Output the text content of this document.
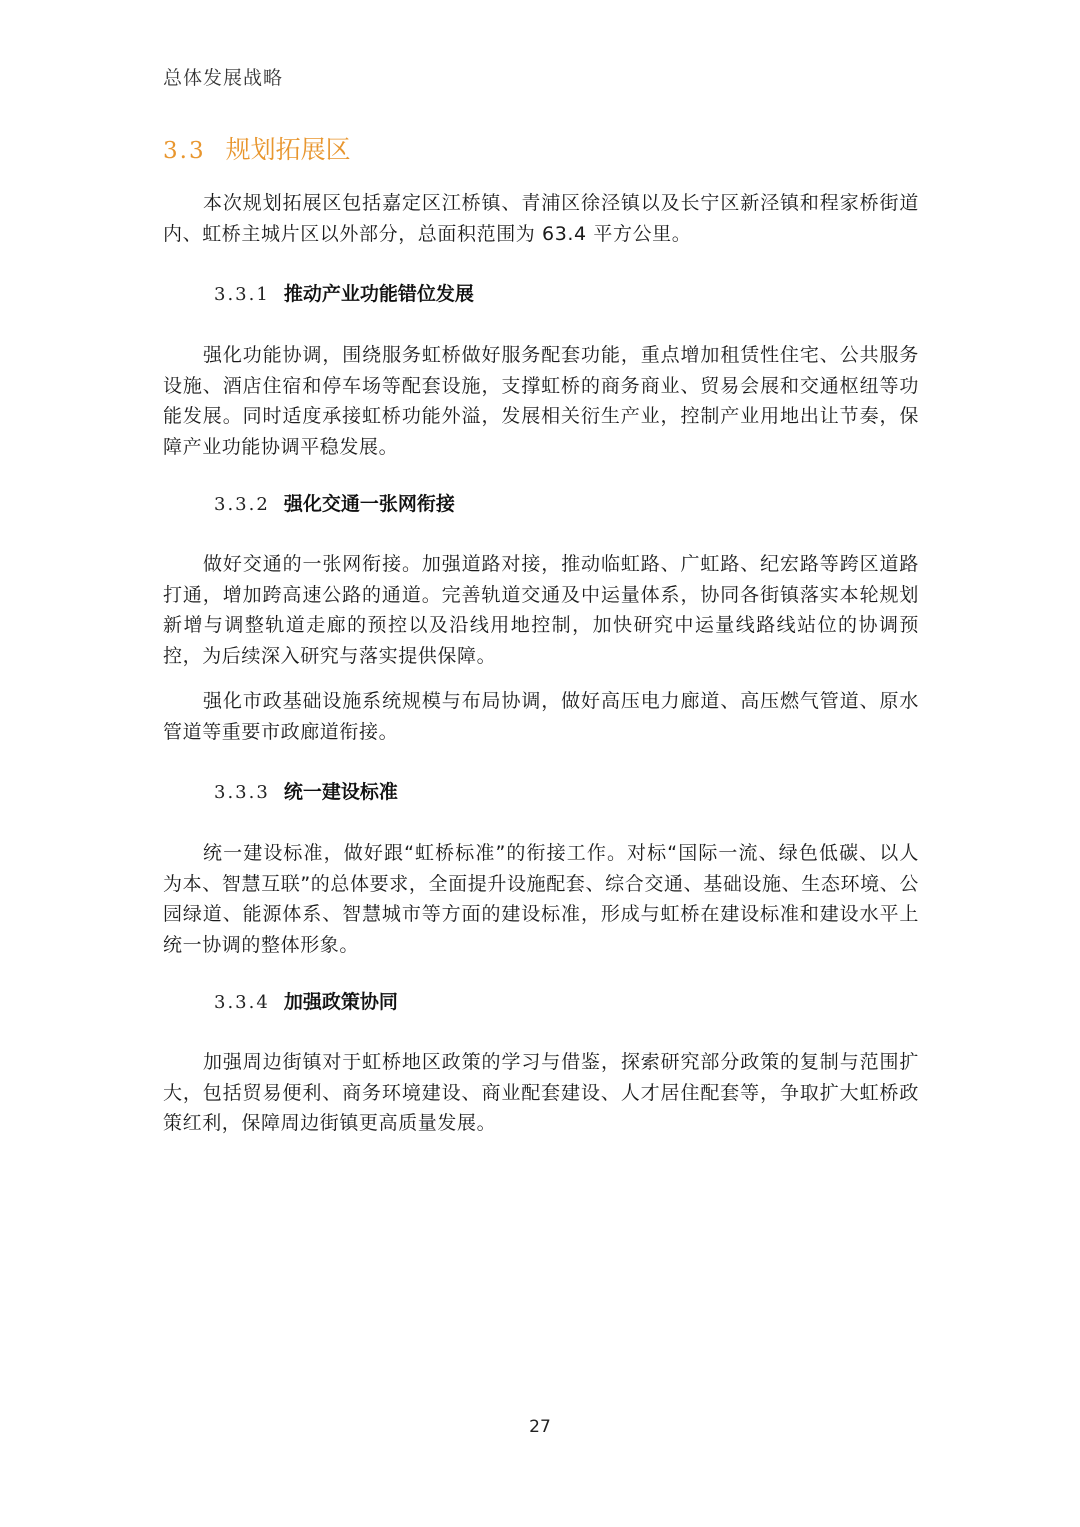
总体发展战略
3.3 规划拓展区

本次规划拓展区包括嘉定区江桥镇、青浦区徐泾镇以及长宁区新泾镇和程家桥街道内、虹桥主城片区以外部分，总面积范围为 63.4 平方公里。

3.3.1 推动产业功能错位发展

强化功能协调，围绕服务虹桥做好服务配套功能，重点增加租赁性住宅、公共服务设施、酒店住宿和停车场等配套设施，支撑虹桥的商务商业、贸易会展和交通枢纽等功能发展。同时适度承接虹桥功能外溢，发展相关衍生产业，控制产业用地出让节奏，保障产业功能协调平稳发展。

3.3.2 强化交通一张网衔接

做好交通的一张网衔接。加强道路对接，推动临虹路、广虹路、纪宏路等跨区道路打通，增加跨高速公路的通道。完善轨道交通及中运量体系，协同各街镇落实本轮规划新增与调整轨道走廊的预控以及沿线用地控制，加快研究中运量线路线站位的协调预控，为后续深入研究与落实提供保障。

强化市政基础设施系统规模与布局协调，做好高压电力廊道、高压燃气管道、原水管道等重要市政廊道衔接。

3.3.3 统一建设标准

统一建设标准，做好跟“虹桥标准”的衔接工作。对标“国际一流、绿色低碳、以人为本、智慧互联”的总体要求，全面提升设施配套、综合交通、基础设施、生态环境、公园绿道、能源体系、智慧城市等方面的建设标准，形成与虹桥在建设标准和建设水平上统一协调的整体形象。

3.3.4 加强政策协同

加强周边街镇对于虹桥地区政策的学习与借鉴，探索研究部分政策的复制与范围扩大，包括贸易便利、商务环境建设、商业配套建设、人才居住配套等，争取扩大虹桥政策红利，保障周边街镇更高质量发展。

27
